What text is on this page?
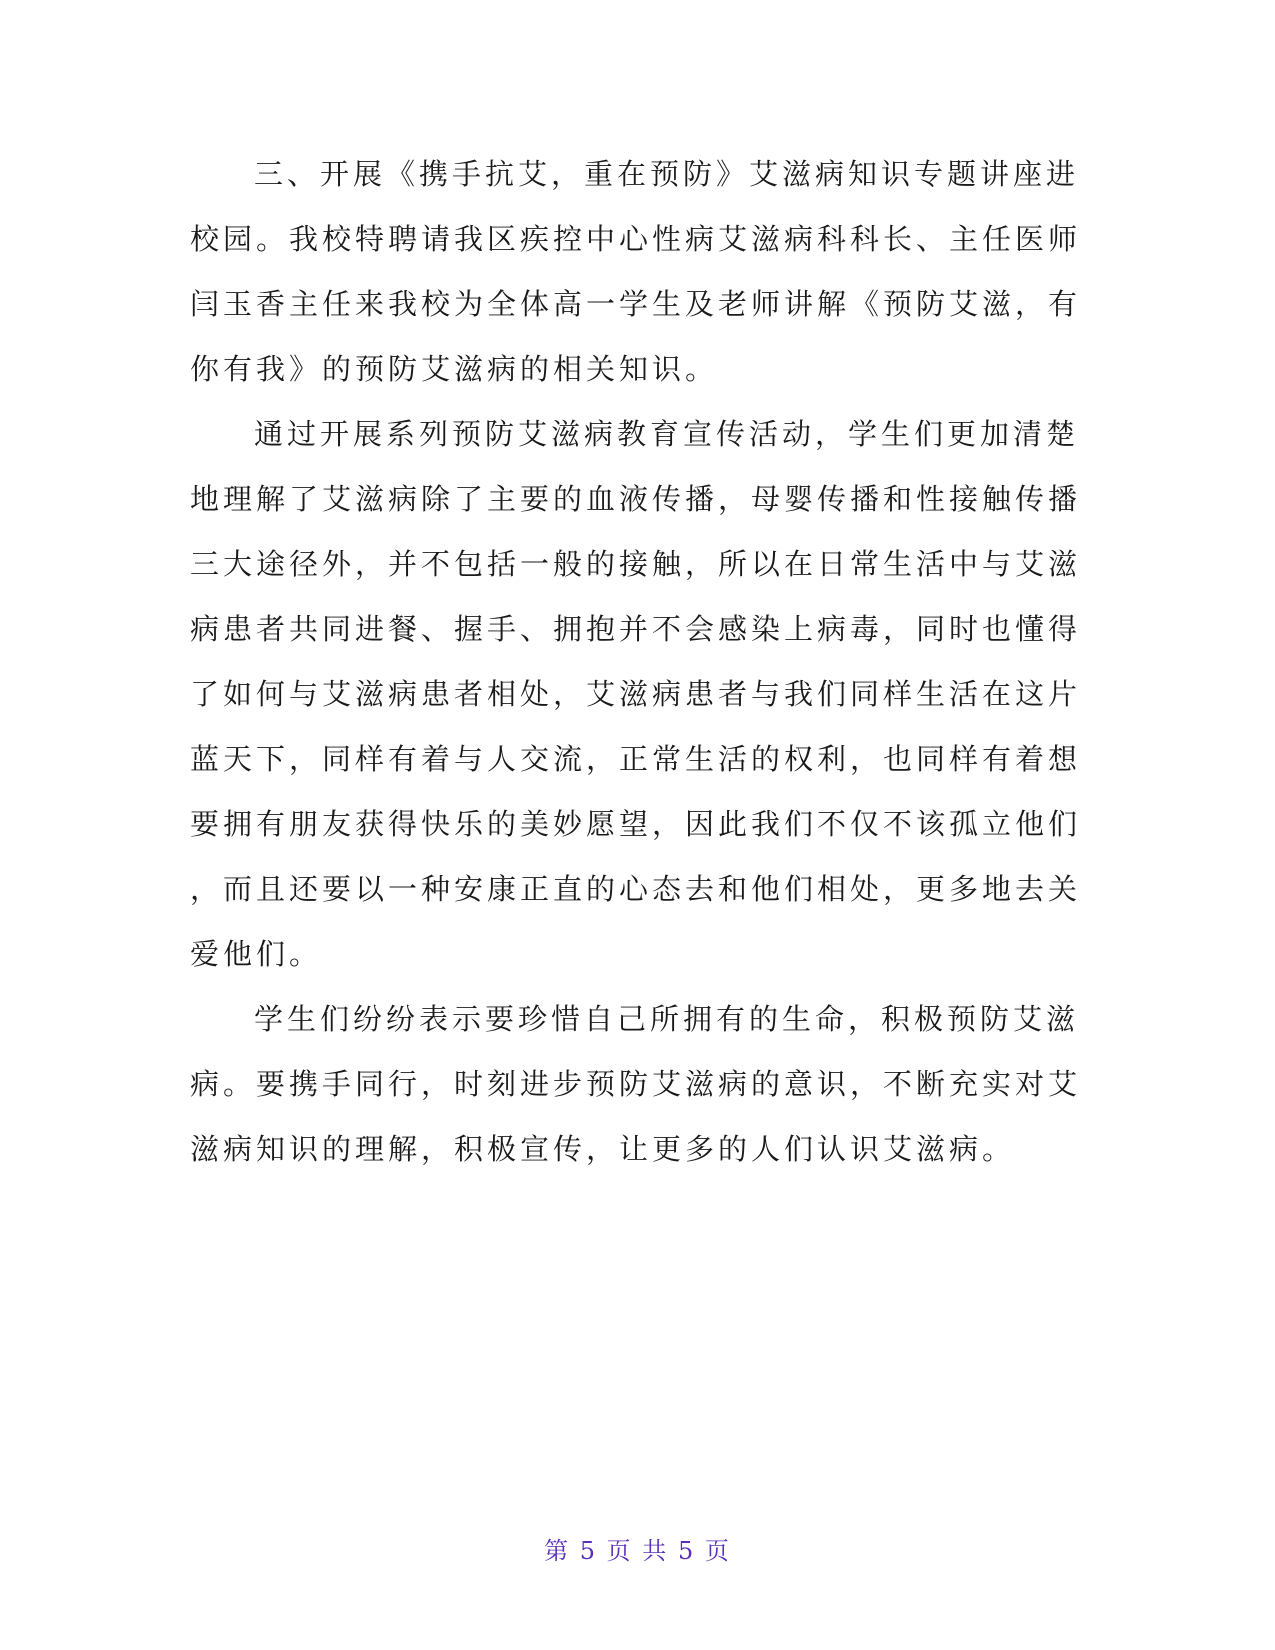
三、开展《携手抗艾，重在预防》艾滋病知识专题讲座进
校园。我校特聘请我区疾控中心性病艾滋病科科长、主任医师
闫玉香主任来我校为全体高一学生及老师讲解《预防艾滋，有
你有我》的预防艾滋病的相关知识。
通过开展系列预防艾滋病教育宣传活动，学生们更加清楚
地理解了艾滋病除了主要的血液传播，母婴传播和性接触传播
三大途径外，并不包括一般的接触，所以在日常生活中与艾滋
病患者共同进餐、握手、拥抱并不会感染上病毒，同时也懂得
了如何与艾滋病患者相处，艾滋病患者与我们同样生活在这片
蓝天下，同样有着与人交流，正常生活的权利，也同样有着想
要拥有朋友获得快乐的美妙愿望，因此我们不仅不该孤立他们
，而且还要以一种安康正直的心态去和他们相处，更多地去关
爱他们。
学生们纷纷表示要珍惜自己所拥有的生命，积极预防艾滋
病。要携手同行，时刻进步预防艾滋病的意识，不断充实对艾
滋病知识的理解，积极宣传，让更多的人们认识艾滋病。
第 5 页 共 5 页
